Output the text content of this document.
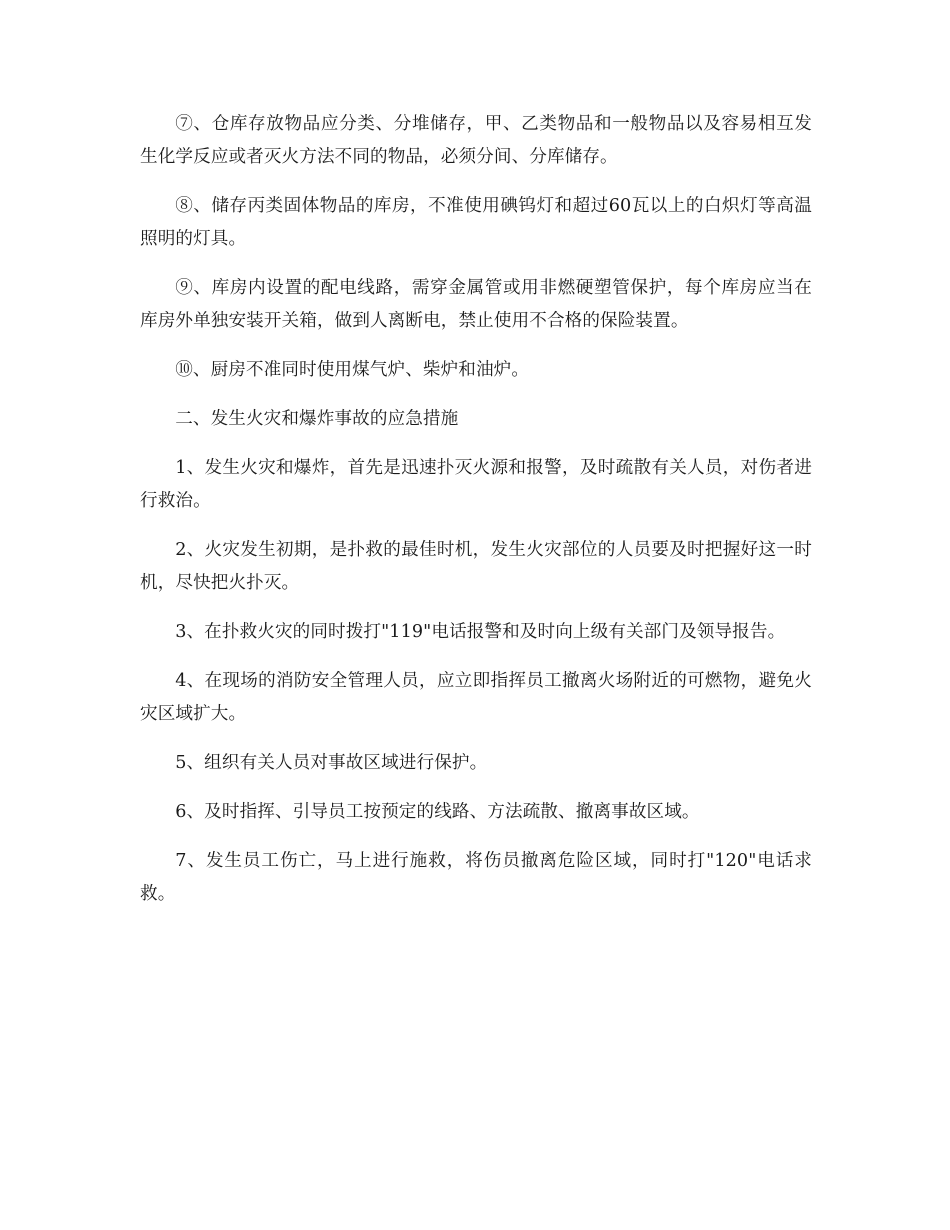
⑦、仓库存放物品应分类、分堆储存，甲、乙类物品和一般物品以及容易相互发生化学反应或者灭火方法不同的物品，必须分间、分库储存。

⑧、储存丙类固体物品的库房，不准使用碘钨灯和超过60瓦以上的白炽灯等高温照明的灯具。

⑨、库房内设置的配电线路，需穿金属管或用非燃硬塑管保护，每个库房应当在库房外单独安装开关箱，做到人离断电，禁止使用不合格的保险装置。

⑩、厨房不准同时使用煤气炉、柴炉和油炉。

二、发生火灾和爆炸事故的应急措施

1、发生火灾和爆炸，首先是迅速扑灭火源和报警，及时疏散有关人员，对伤者进行救治。

2、火灾发生初期，是扑救的最佳时机，发生火灾部位的人员要及时把握好这一时机，尽快把火扑灭。

3、在扑救火灾的同时拨打"119"电话报警和及时向上级有关部门及领导报告。

4、在现场的消防安全管理人员，应立即指挥员工撤离火场附近的可燃物，避免火灾区域扩大。

5、组织有关人员对事故区域进行保护。

6、及时指挥、引导员工按预定的线路、方法疏散、撤离事故区域。

7、发生员工伤亡，马上进行施救，将伤员撤离危险区域，同时打"120"电话求救。
